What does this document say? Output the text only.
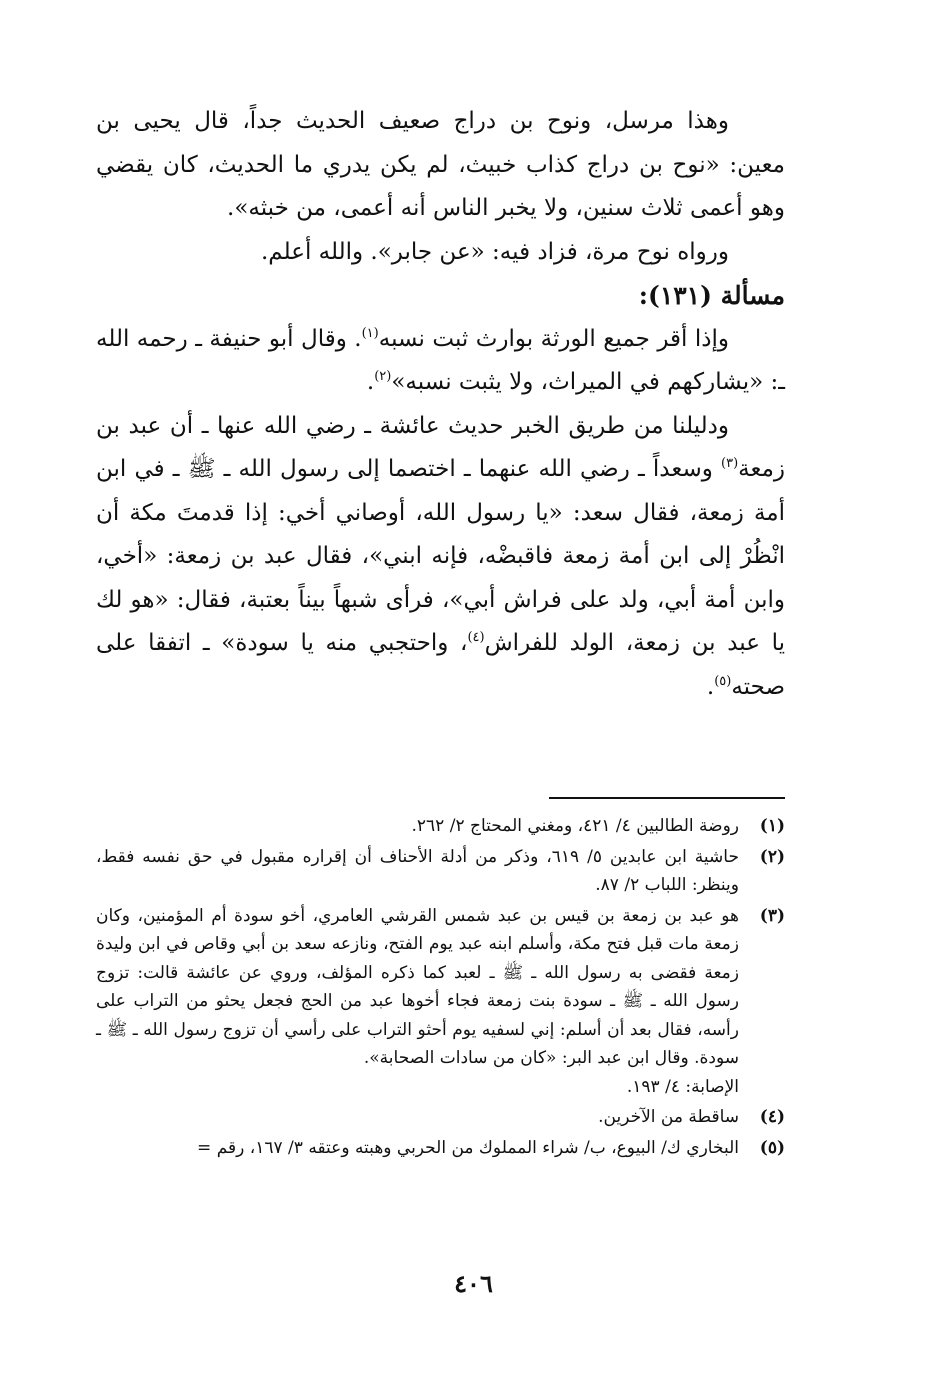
وهذا مرسل، ونوح بن دراج صعيف الحديث جداً، قال يحيى بن معين: «نوح بن دراج كذاب خبيث، لم يكن يدري ما الحديث، كان يقضي وهو أعمى ثلاث سنين، ولا يخبر الناس أنه أعمى، من خبثه».

ورواه نوح مرة، فزاد فيه: «عن جابر». والله أعلم.

مسألة (١٣١):

وإذا أقر جميع الورثة بوارث ثبت نسبه$^{(١)}$. وقال أبو حنيفة ـ رحمه الله ـ: «يشاركهم في الميراث، ولا يثبت نسبه»$^{(٢)}$.

ودليلنا من طريق الخبر حديث عائشة ـ رضي الله عنها ـ أن عبد بن زمعة$^{(٣)}$ وسعداً ـ رضي الله عنهما ـ اختصما إلى رسول الله ـ ﷺ ـ في ابن أمة زمعة، فقال سعد: «يا رسول الله، أوصاني أخي: إذا قدمتَ مكة أن انْظُرْ إلى ابن أمة زمعة فاقبضْه، فإنه ابني»، فقال عبد بن زمعة: «أخي، وابن أمة أبي، ولد على فراش أبي»، فرأى شبهاً بيناً بعتبة، فقال: «هو لك يا عبد بن زمعة، الولد للفراش$^{(٤)}$، واحتجبي منه يا سودة» ـ اتفقا على صحته$^{(٥)}$.

(١)
روضة الطالبين ٤/ ٤٢١، ومغني المحتاج ٢/ ٢٦٢.
(٢)
حاشية ابن عابدين ٥/ ٦١٩، وذكر من أدلة الأحناف أن إقراره مقبول في حق نفسه فقط، وينظر: اللباب ٢/ ٨٧.
(٣)
هو عبد بن زمعة بن قيس بن عبد شمس القرشي العامري، أخو سودة أم المؤمنين، وكان زمعة مات قبل فتح مكة، وأسلم ابنه عبد يوم الفتح، ونازعه سعد بن أبي وقاص في ابن وليدة زمعة فقضى به رسول الله ـ ﷺ ـ لعبد كما ذكره المؤلف، وروي عن عائشة قالت: تزوج رسول الله ـ ﷺ ـ سودة بنت زمعة فجاء أخوها عبد من الحج فجعل يحثو من التراب على رأسه، فقال بعد أن أسلم: إني لسفيه يوم أحثو التراب على رأسي أن تزوج رسول الله ـ ﷺ ـ سودة. وقال ابن عبد البر: «كان من سادات الصحابة».
الإصابة: ٤/ ١٩٣.
(٤)
ساقطة من الآخرين.
(٥)
البخاري ك/ البيوع، ب/ شراء المملوك من الحربي وهبته وعتقه ٣/ ١٦٧، رقم =
٤٠٦
